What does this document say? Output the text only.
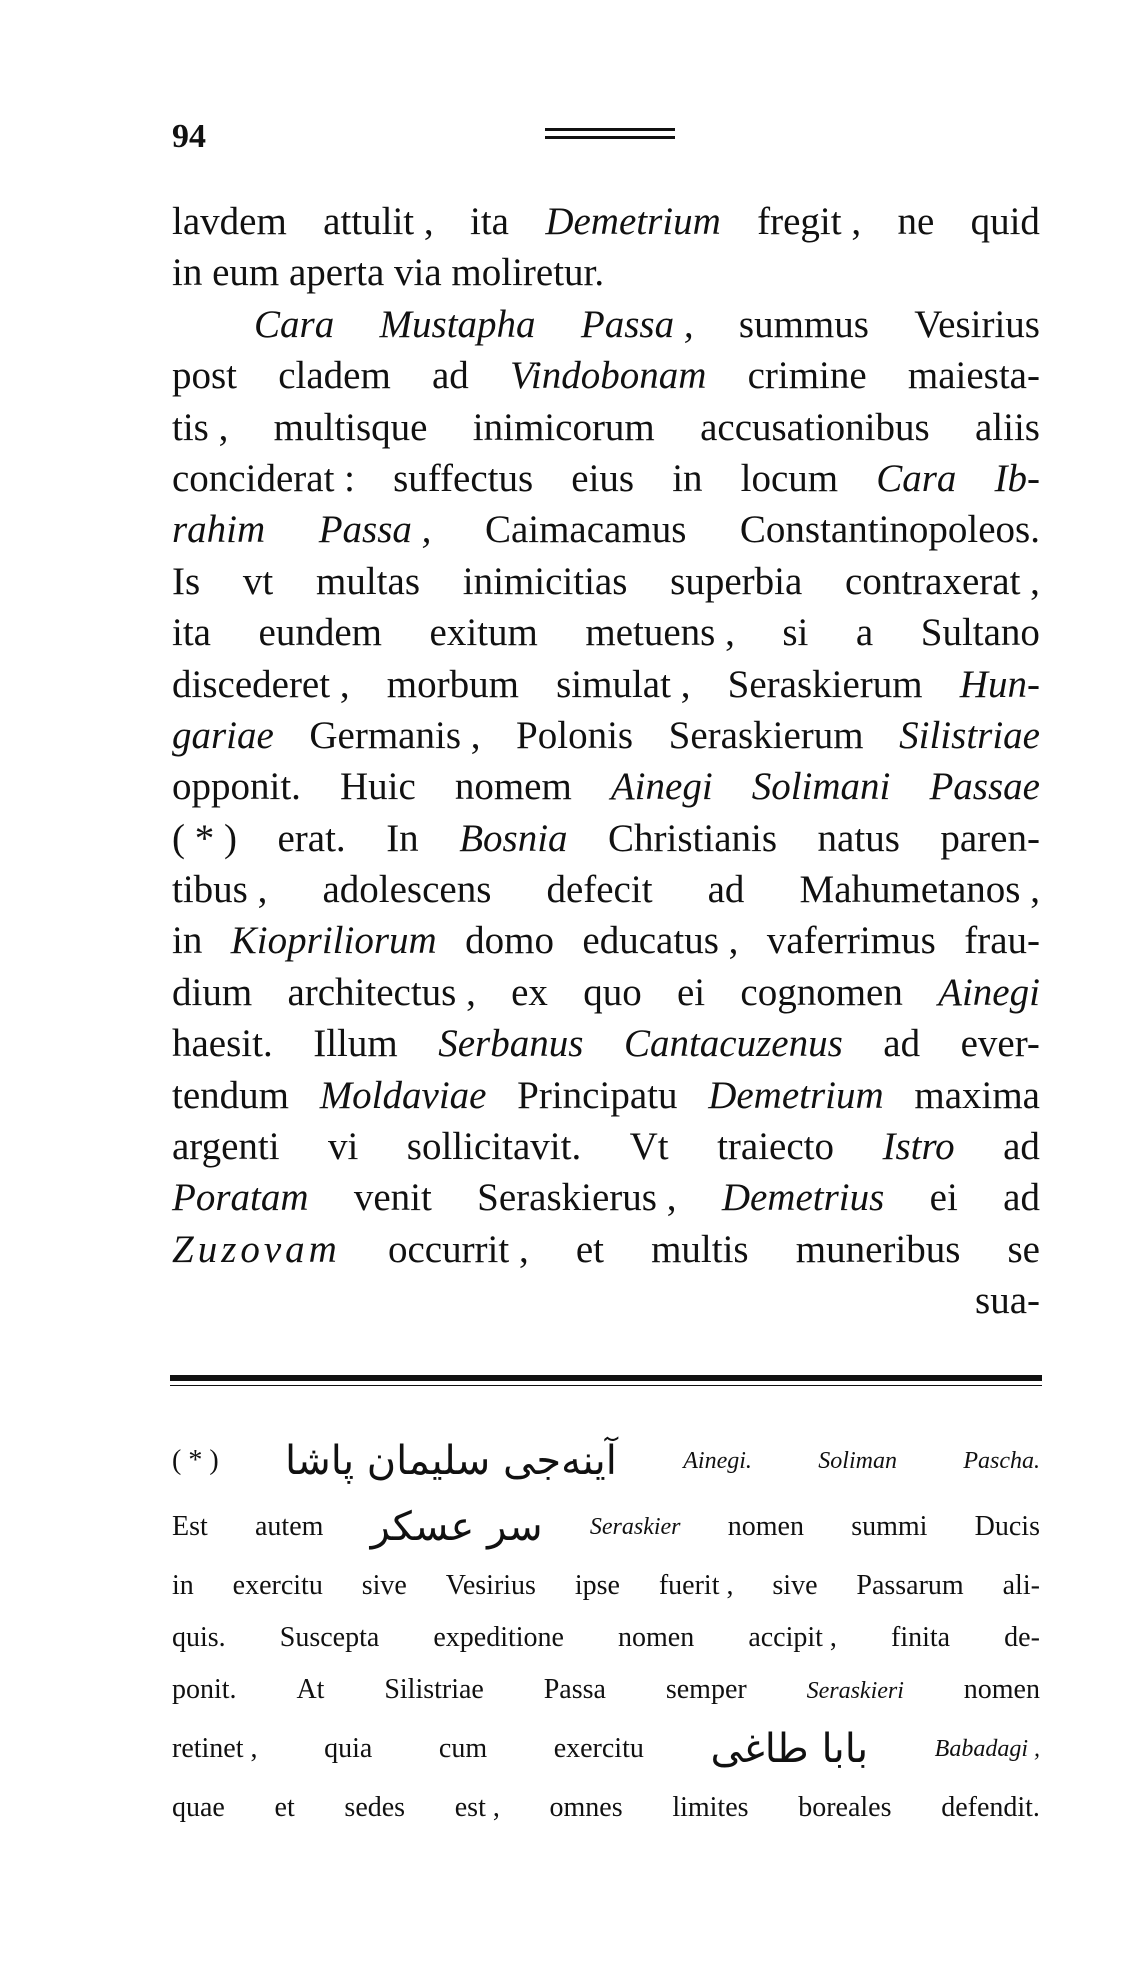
94
lavdem attulit , ita Demetrium fregit , ne quid
in
eum
aperta
via
moliretur.
Cara Mustapha Passa , summus Vesirius
post cladem ad Vindobonam crimine maiesta-
tis , multisque inimicorum accusationibus aliis
conciderat : suffectus eius in locum Cara Ib-
rahim Passa , Caimacamus Constantinopoleos.
Is vt multas inimicitias superbia contraxerat ,
ita eundem exitum metuens , si a Sultano
discederet , morbum simulat , Seraskierum Hun-
gariae Germanis , Polonis Seraskierum Silistriae
opponit. Huic nomem Ainegi Solimani Passae
( * ) erat. In Bosnia Christianis natus paren-
tibus , adolescens defecit ad Mahumetanos ,
in Kiopriliorum domo educatus , vaferrimus frau-
dium architectus , ex quo ei cognomen Ainegi
haesit. Illum Serbanus Cantacuzenus ad ever-
tendum Moldaviae Principatu Demetrium maxima
argenti vi sollicitavit. Vt traiecto Istro ad
Poratam venit Seraskierus , Demetrius ei ad
Zuzovam occurrit , et multis muneribus se
sua-
( * ) آينه‌جى سليمان پاشا	Ainegi.	Soliman	Pascha.
Est autem سر عسكر Seraskier nomen summi Ducis
in exercitu sive Vesirius ipse fuerit , sive Passarum ali-
quis. Suscepta expeditione nomen accipit , finita de-
ponit. At Silistriae Passa semper Seraskieri nomen
retinet , quia cum exercitu بابا طاغى	Babadagi ,
quae et sedes est , omnes limites boreales defendit.
